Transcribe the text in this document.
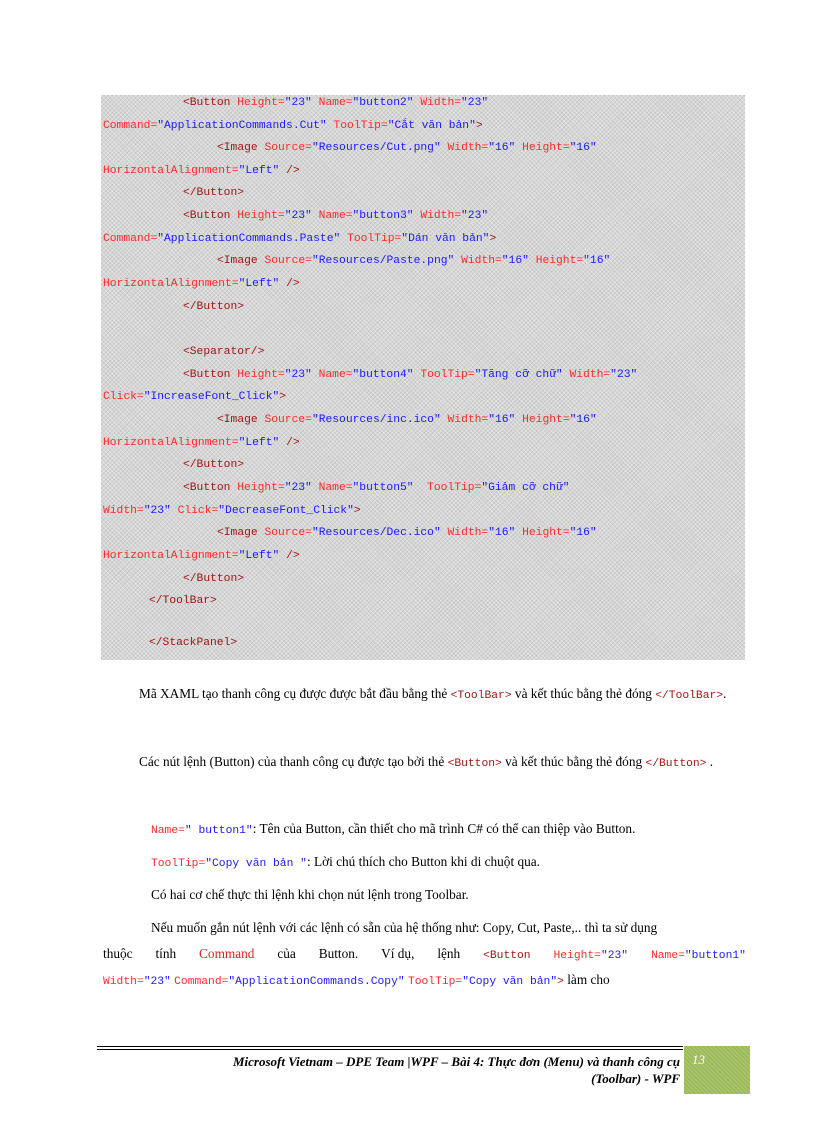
<Button Height="23" Name="button2" Width="23"
Command="ApplicationCommands.Cut" ToolTip="Cắt văn bản">
<Image Source="Resources/Cut.png" Width="16" Height="16"
HorizontalAlignment="Left" />
</Button>
<Button Height="23" Name="button3" Width="23"
Command="ApplicationCommands.Paste" ToolTip="Dán văn bản">
<Image Source="Resources/Paste.png" Width="16" Height="16"
HorizontalAlignment="Left" />
</Button>
<Separator/>
<Button Height="23" Name="button4" ToolTip="Tăng cỡ chữ" Width="23"
Click="IncreaseFont_Click">
<Image Source="Resources/inc.ico" Width="16" Height="16"
HorizontalAlignment="Left" />
</Button>
<Button Height="23" Name="button5" ToolTip="Giảm cỡ chữ"
Width="23" Click="DecreaseFont_Click">
<Image Source="Resources/Dec.ico" Width="16" Height="16"
HorizontalAlignment="Left" />
</Button>
</ToolBar>
</StackPanel>
Mã XAML tạo thanh công cụ được được bắt đầu bằng thẻ <ToolBar> và kết thúc bằng thẻ đóng </ToolBar>.
Các nút lệnh (Button) của thanh công cụ được tạo bởi thẻ <Button> và kết thúc bằng thẻ đóng </Button> .
Name=" button1": Tên của Button, cần thiết cho mã trình C# có thể can thiệp vào Button.
ToolTip="Copy văn bản ": Lời chú thích cho Button khi di chuột qua.
Có hai cơ chế thực thi lệnh khi chọn nút lệnh trong Toolbar.
Nếu muốn gắn nút lệnh với các lệnh có sẵn của hệ thống như: Copy, Cut, Paste,.. thì ta sử dụng
thuộc tính Command của Button. Ví dụ, lệnh <Button Height="23" Name="button1"
Width="23" Command="ApplicationCommands.Copy" ToolTip="Copy văn bản"> làm cho
Microsoft Vietnam – DPE Team |WPF – Bài 4: Thực đơn (Menu) và thanh công cụ
(Toolbar) - WPF
13
